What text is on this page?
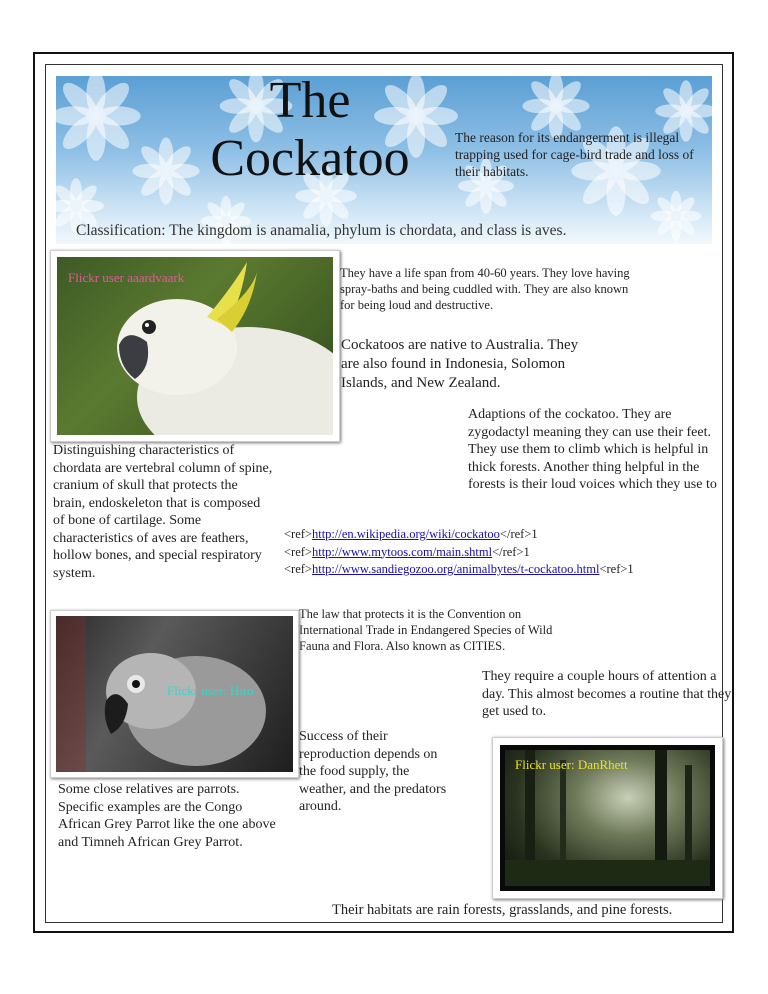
The
Cockatoo	The reason for its endangerment is illegal trapping used for cage-bird trade and loss of their habitats.
Classification: The kingdom is anamalia, phylum is chordata, and class is aves.
Flickr user aaardvaark	They have a life span from 40-60 years. They love having spray-baths and being cuddled with. They are also known for being loud and destructive.
Cockatoos are native to Australia. They are also found in Indonesia, Solomon Islands, and New Zealand.
Adaptions of the cockatoo. They are zygodactyl meaning they can use their feet. They use them to climb which is helpful in thick forests. Another thing helpful in the forests is their loud voices which they use to
Distinguishing characteristics of chordata are vertebral column of spine, cranium of skull that protects the brain, endoskeleton that is composed of bone of cartilage. Some characteristics of aves are feathers, hollow bones, and special respiratory system.
<ref>http://en.wikipedia.org/wiki/cockatoo</ref>1
<ref>http://www.mytoos.com/main.shtml</ref>1
<ref>http://www.sandiegozoo.org/animalbytes/t-cockatoo.html<ref>1
The law that protects it is the Convention on International Trade in Endangered Species of Wild Fauna and Flora. Also known as CITIES.
Flickr user: Hiro
They require a couple hours of attention a day. This almost becomes a routine that they get used to.
Success of their reproduction depends on the food supply, the weather, and the predators around.
Flickr user: DanRhett
Some close relatives are parrots. Specific examples are the Congo African Grey Parrot like the one above and Timneh African Grey Parrot.
Their habitats are rain forests, grasslands, and pine forests.
